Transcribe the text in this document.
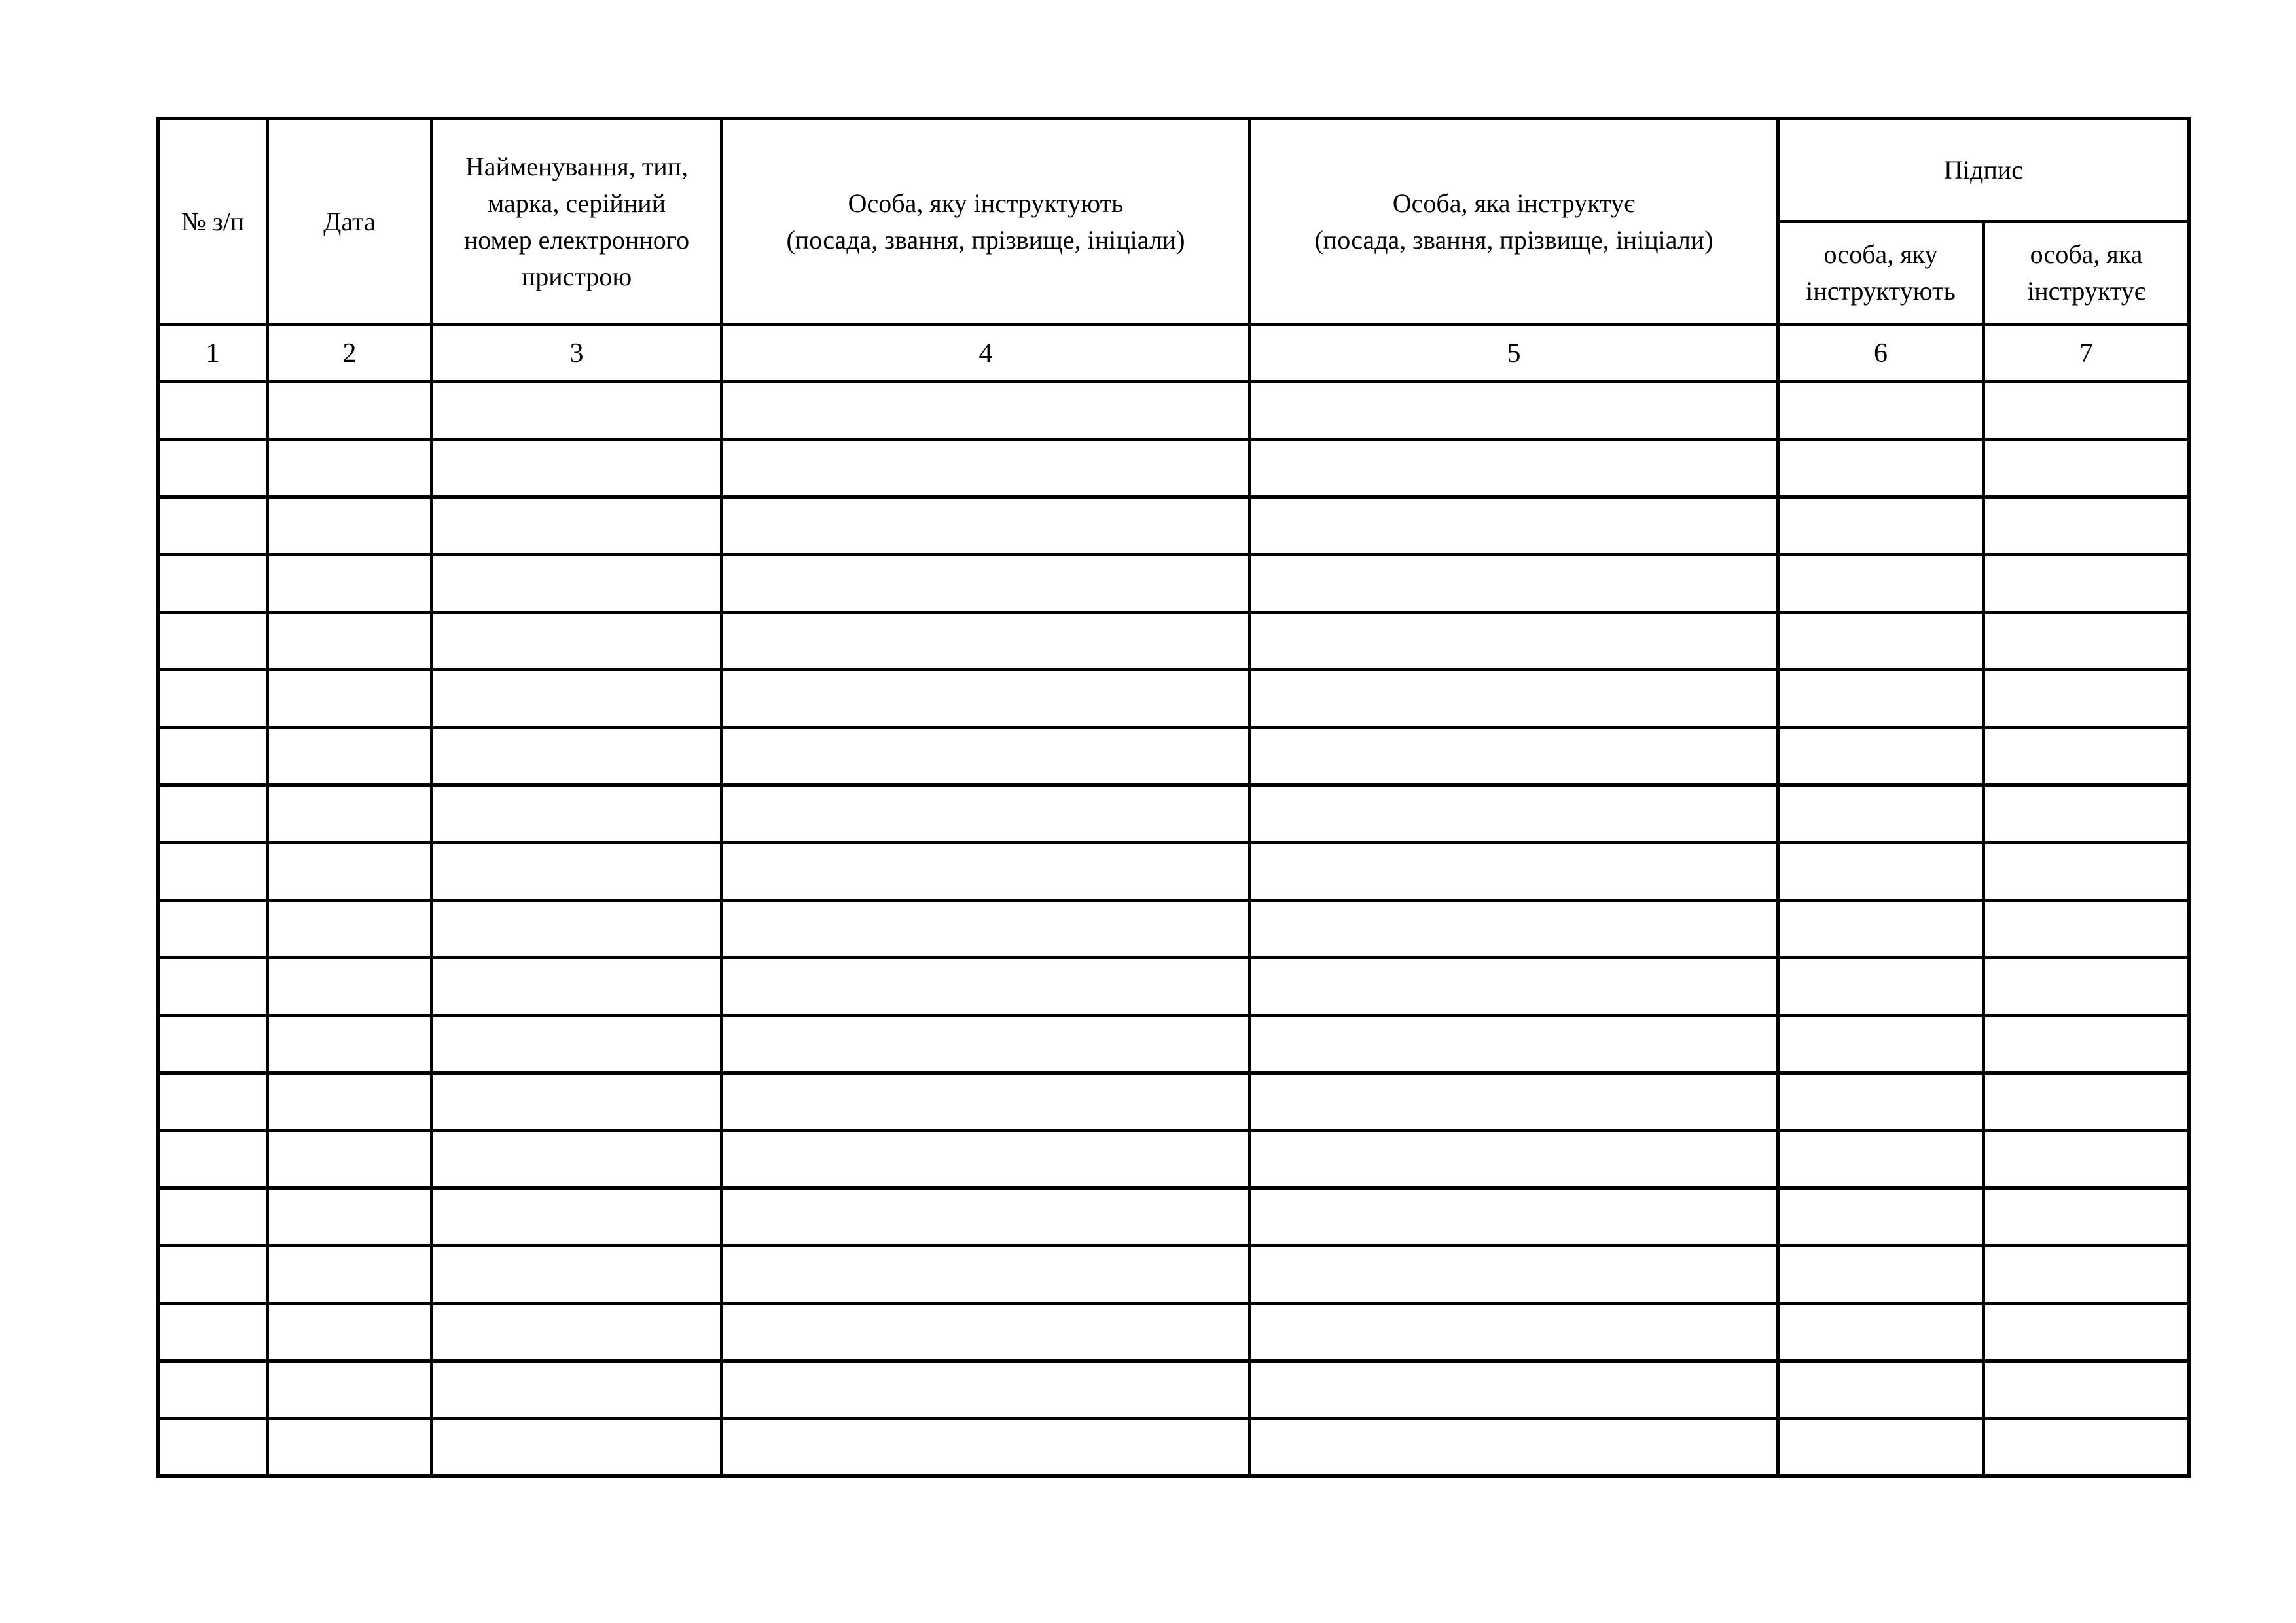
№ з/п	Дата	Найменування, тип,
марка, серійний
номер електронного
пристрою	Особа, яку інструктують
(посада, звання, прізвище, ініціали)	Особа, яка інструктує
(посада, звання, прізвище, ініціали)	Підпис	

					особа, яку
інструктують	особа, яка
інструктує

1	2	3	4	5	6	7
